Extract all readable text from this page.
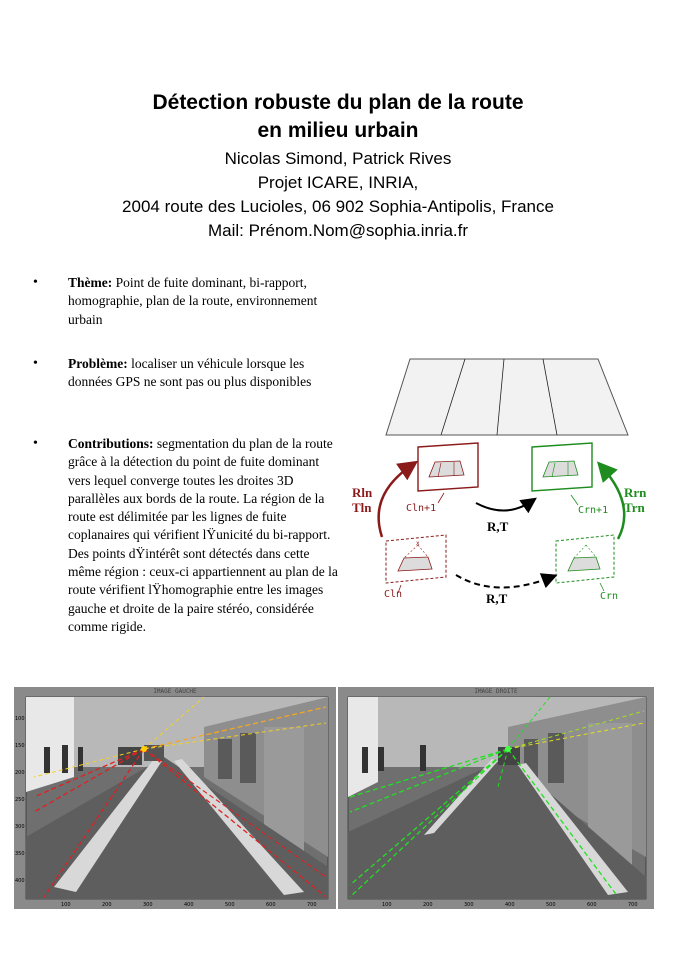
Détection robuste du plan de la route
en milieu urbain
Nicolas Simond, Patrick Rives
Projet ICARE, INRIA,
2004 route des Lucioles, 06 902 Sophia-Antipolis, France
Mail: Prénom.Nom@sophia.inria.fr
• Thème: Point de fuite dominant, bi-rapport, homographie, plan de la route, environnement urbain
• Problème: localiser un véhicule lorsque les données GPS ne sont pas ou plus disponibles
• Contributions: segmentation du plan de la route grâce à la détection du point de fuite dominant vers lequel converge toutes les droites 3D parallèles aux bords de la route. La région de la route est délimitée par les lignes de fuite coplanaires qui vérifient lŸunicité du bi-rapport. Des points dŸintérêt sont détectés dans cette même région : ceux-ci appartiennent au plan de la route vérifient lŸhomographie entre les images gauche et droite de la paire stéréo, considérée comme rigide.
Cln+1	Crn+1
x
Cln	Crn
R,T
R,T
Rln
Tln
Rrn
Trn
IMAGE GAUCHE
100	200	300	400	500	600	700
100
150
200
250
300
350
400
IMAGE DROITE
100	200	300	400	500	600	700
